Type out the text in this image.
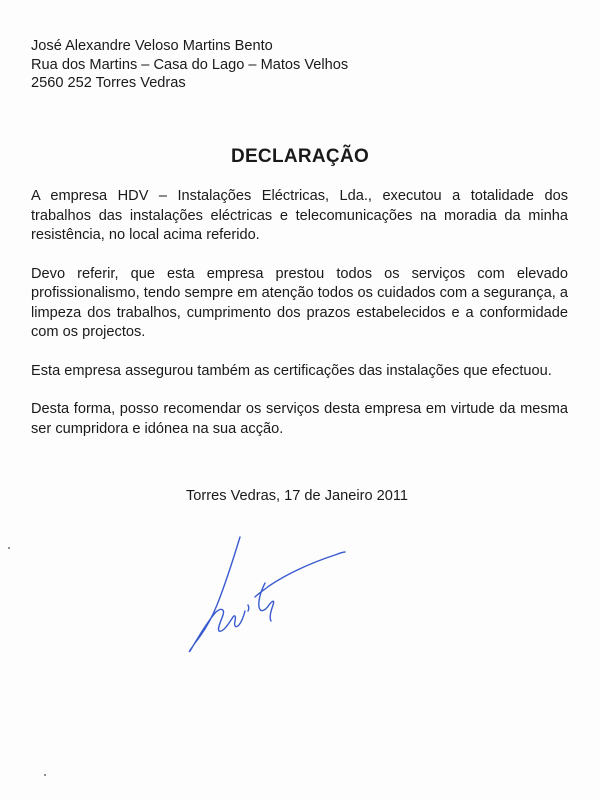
José Alexandre Veloso Martins Bento
Rua dos Martins – Casa do Lago – Matos Velhos
2560 252 Torres Vedras
DECLARAÇÃO

A empresa HDV – Instalações Eléctricas, Lda., executou a totalidade dos trabalhos das instalações eléctricas e telecomunicações na moradia da minha resistência, no local acima referido.

Devo referir, que esta empresa prestou todos os serviços com elevado profissionalismo, tendo sempre em atenção todos os cuidados com a segurança, a limpeza dos trabalhos, cumprimento dos prazos estabelecidos e a conformidade com os projectos.

Esta empresa assegurou também as certificações das instalações que efectuou.

Desta forma, posso recomendar os serviços desta empresa em virtude da mesma ser cumpridora e idónea na sua acção.

Torres Vedras, 17 de Janeiro 2011
